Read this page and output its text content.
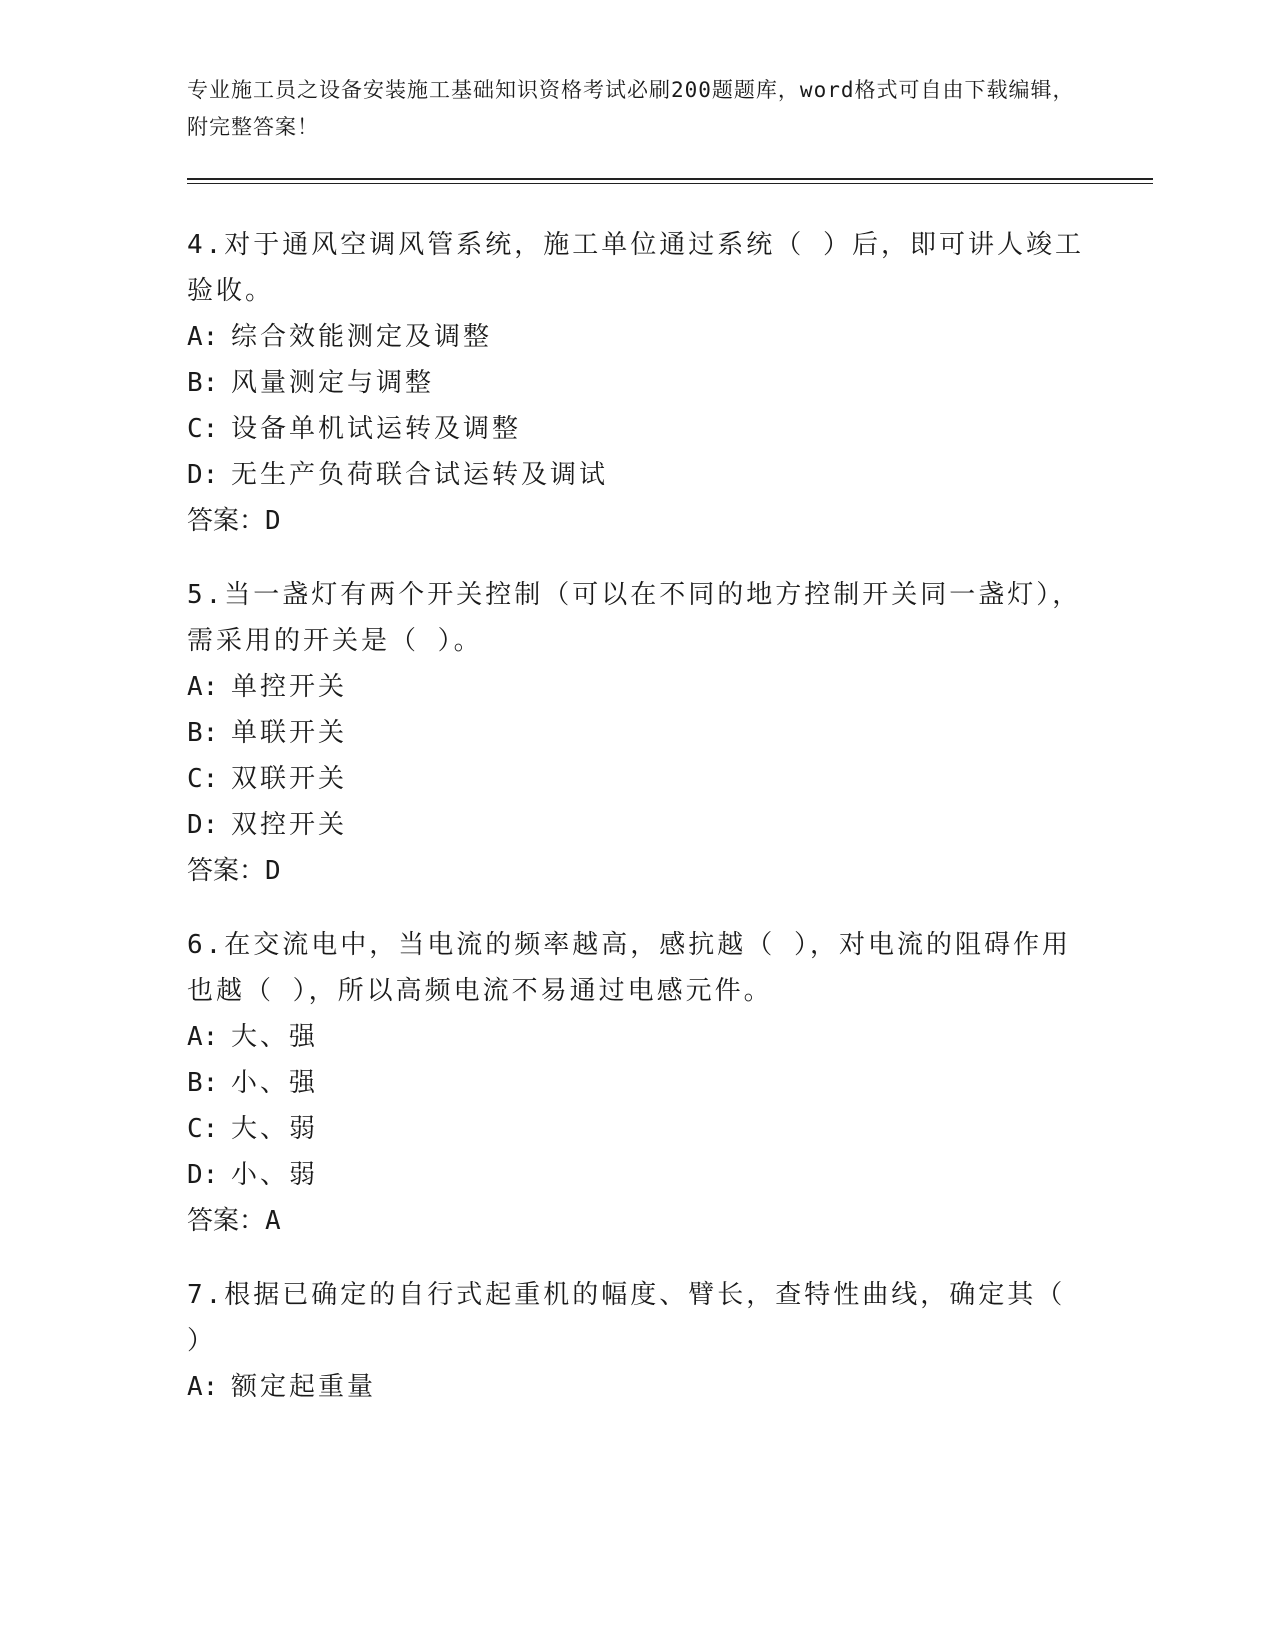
专业施工员之设备安装施工基础知识资格考试必刷200题题库，word格式可自由下载编辑，附完整答案！

4.对于通风空调风管系统，施工单位通过系统（ ）后，即可讲人竣工验收。

A: 综合效能测定及调整

B: 风量测定与调整

C: 设备单机试运转及调整

D: 无生产负荷联合试运转及调试

答案：D

5.当一盏灯有两个开关控制（可以在不同的地方控制开关同一盏灯），需采用的开关是（ ）。

A: 单控开关

B: 单联开关

C: 双联开关

D: 双控开关

答案：D

6.在交流电中，当电流的频率越高，感抗越（ ），对电流的阻碍作用也越（ ），所以高频电流不易通过电感元件。

A: 大、强

B: 小、强

C: 大、弱

D: 小、弱

答案：A

7.根据已确定的自行式起重机的幅度、臂长，查特性曲线，确定其（ ）

A: 额定起重量
